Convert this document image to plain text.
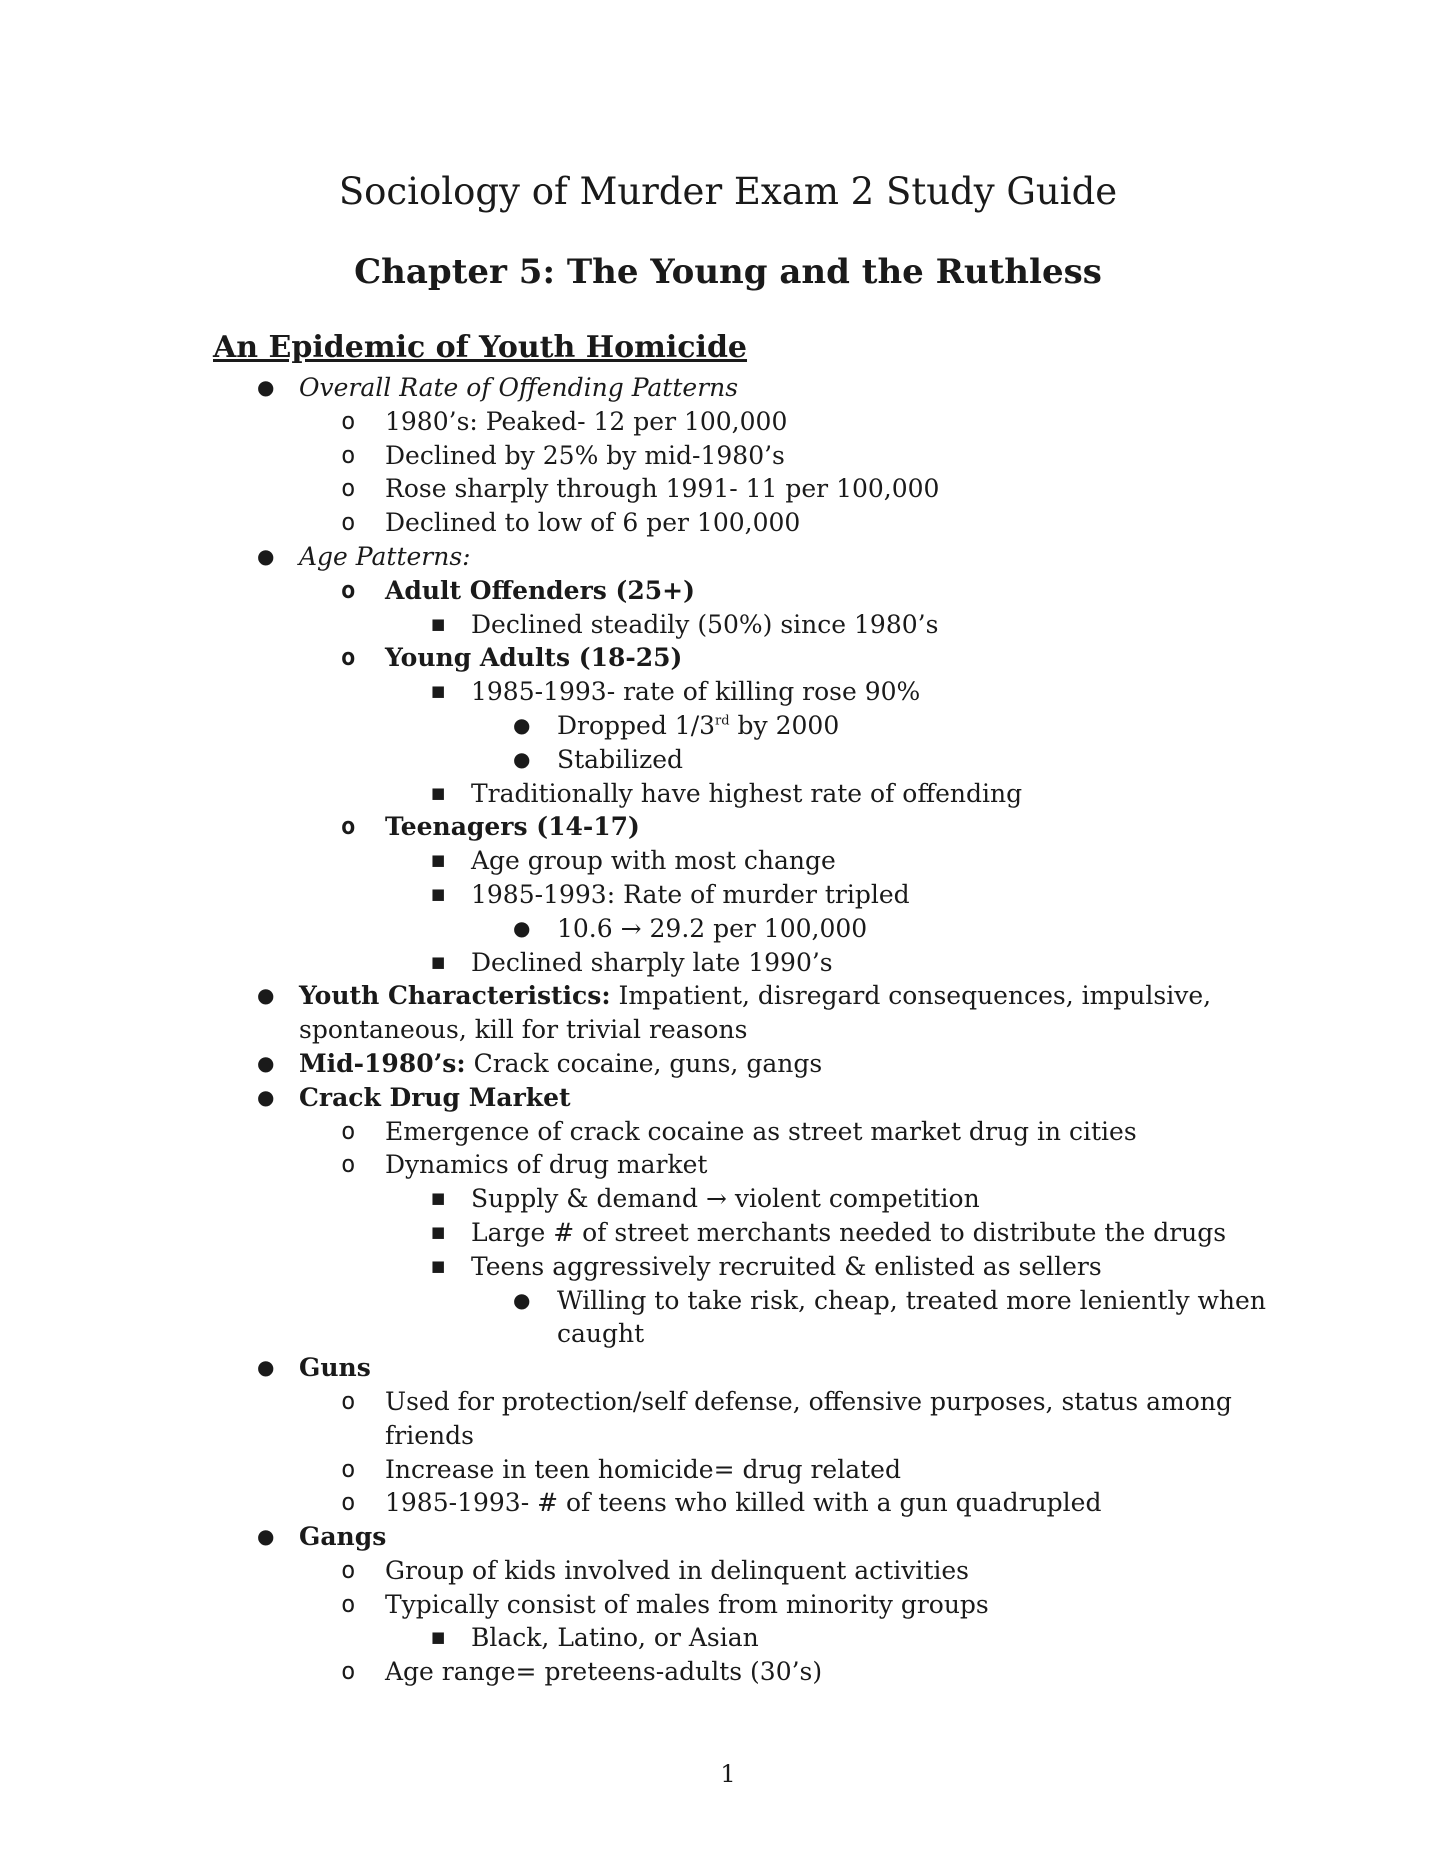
Sociology of Murder Exam 2 Study Guide
Chapter 5: The Young and the Ruthless
An Epidemic of Youth Homicide
● Overall Rate of Offending Patterns
o 1980’s: Peaked- 12 per 100,000
o Declined by 25% by mid-1980’s
o Rose sharply through 1991- 11 per 100,000
o Declined to low of 6 per 100,000
● Age Patterns:
o Adult Offenders (25+)
■ Declined steadily (50%) since 1980’s
o Young Adults (18-25)
■ 1985-1993- rate of killing rose 90%
● Dropped 1/3rd by 2000
● Stabilized
■ Traditionally have highest rate of offending
o Teenagers (14-17)
■ Age group with most change
■ 1985-1993: Rate of murder tripled
● 10.6 → 29.2 per 100,000
■ Declined sharply late 1990’s
● Youth Characteristics: Impatient, disregard consequences, impulsive, spontaneous, kill for trivial reasons
● Mid-1980’s: Crack cocaine, guns, gangs
● Crack Drug Market
o Emergence of crack cocaine as street market drug in cities
o Dynamics of drug market
■ Supply & demand → violent competition
■ Large # of street merchants needed to distribute the drugs
■ Teens aggressively recruited & enlisted as sellers
● Willing to take risk, cheap, treated more leniently when caught
● Guns
o Used for protection/self defense, offensive purposes, status among friends
o Increase in teen homicide= drug related
o 1985-1993- # of teens who killed with a gun quadrupled
● Gangs
o Group of kids involved in delinquent activities
o Typically consist of males from minority groups
■ Black, Latino, or Asian
o Age range= preteens-adults (30’s)
1
